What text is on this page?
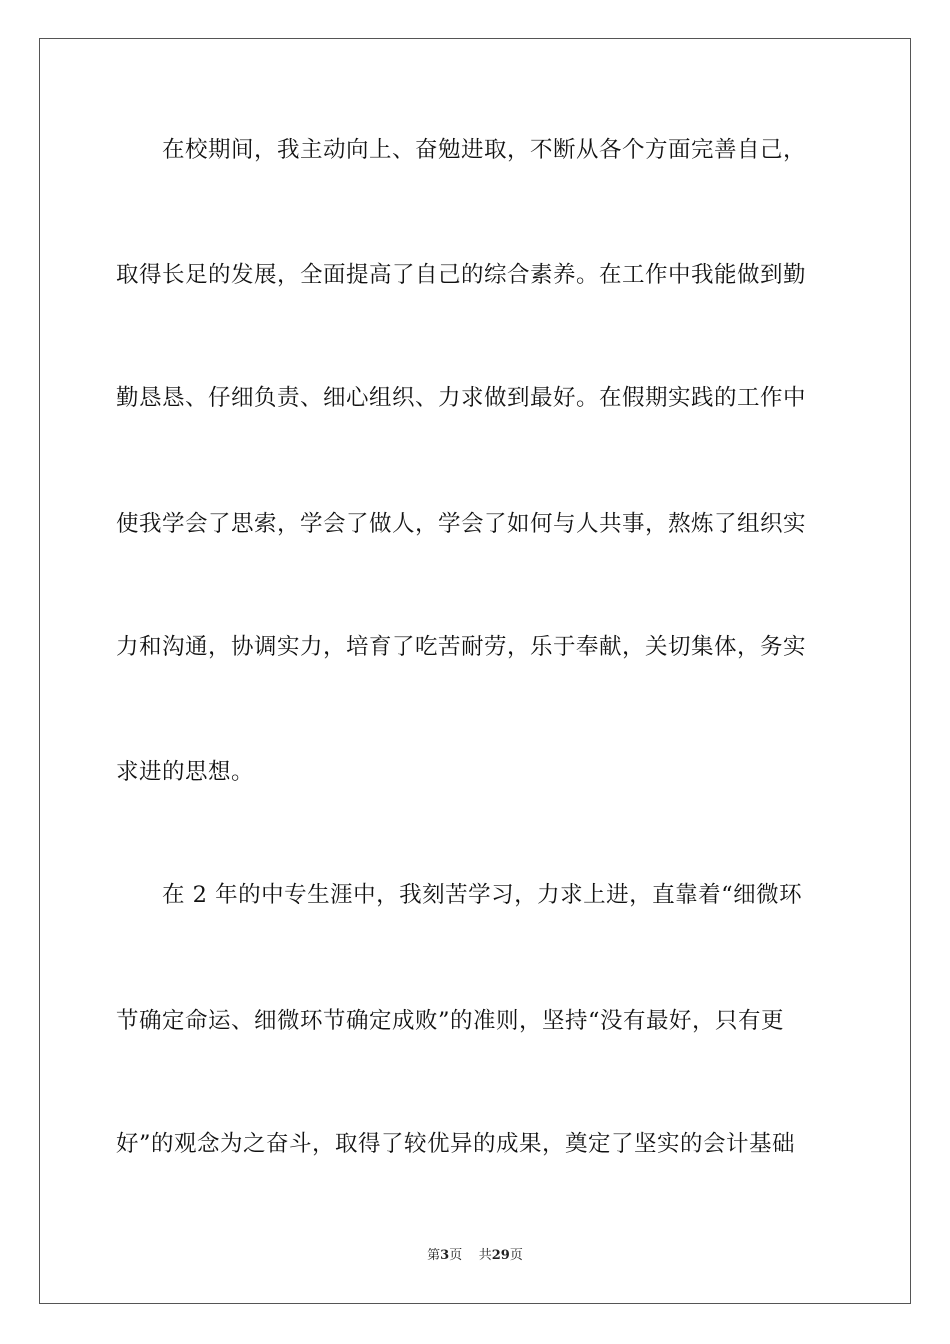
　　在校期间，我主动向上、奋勉进取，不断从各个方面完善自己，
取得长足的发展，全面提高了自己的综合素养。在工作中我能做到勤
勤恳恳、仔细负责、细心组织、力求做到最好。在假期实践的工作中
使我学会了思索，学会了做人，学会了如何与人共事，熬炼了组织实
力和沟通，协调实力，培育了吃苦耐劳，乐于奉献，关切集体，务实
求进的思想。
　　在 2 年的中专生涯中，我刻苦学习，力求上进，直靠着“细微环
节确定命运、细微环节确定成败”的准则，坚持“没有最好，只有更
好”的观念为之奋斗，取得了较优异的成果，奠定了坚实的会计基础
第3页 共29页
